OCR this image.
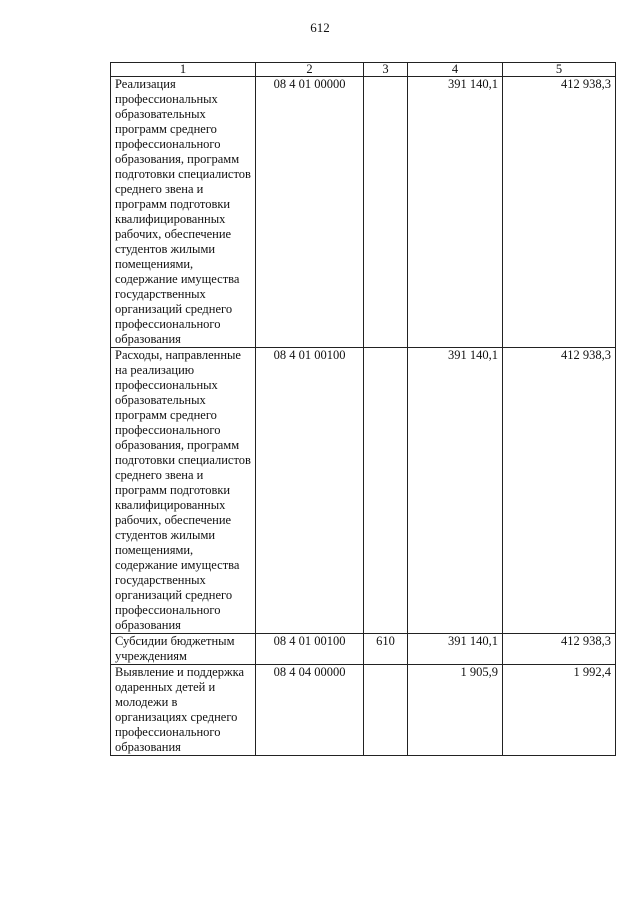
612
1	2	3	4	5
Реализация профессиональных образовательных программ среднего профессионального образования, программ подготовки специалистов среднего звена и программ подготовки квалифицированных рабочих, обеспечение студентов жилыми помещениями, содержание имущества государственных организаций среднего профессионального образования	08 4 01 00000		391 140,1	412 938,3
Расходы, направленные на реализацию профессиональных образовательных программ среднего профессионального образования, программ подготовки специалистов среднего звена и программ подготовки квалифицированных рабочих, обеспечение студентов жилыми помещениями, содержание имущества государственных организаций среднего профессионального образования	08 4 01 00100		391 140,1	412 938,3
Субсидии бюджетным учреждениям	08 4 01 00100	610	391 140,1	412 938,3
Выявление и поддержка одаренных детей и молодежи в организациях среднего профессионального образования	08 4 04 00000		1 905,9	1 992,4
